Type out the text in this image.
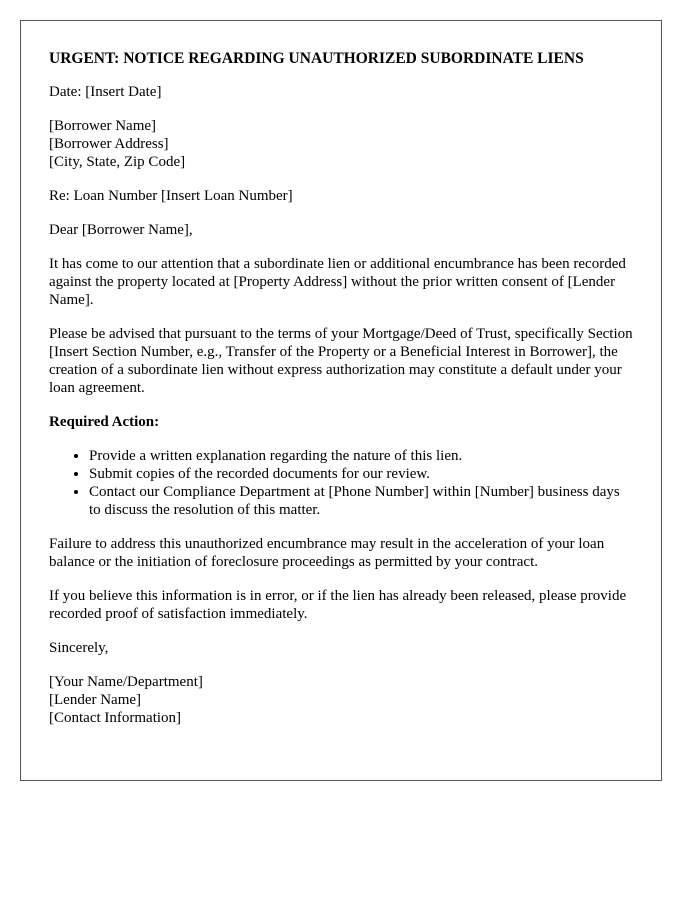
URGENT: NOTICE REGARDING UNAUTHORIZED SUBORDINATE LIENS

Date: [Insert Date]

[Borrower Name]
[Borrower Address]
[City, State, Zip Code]

Re: Loan Number [Insert Loan Number]

Dear [Borrower Name],

It has come to our attention that a subordinate lien or additional encumbrance has been recorded against the property located at [Property Address] without the prior written consent of [Lender Name].

Please be advised that pursuant to the terms of your Mortgage/Deed of Trust, specifically Section [Insert Section Number, e.g., Transfer of the Property or a Beneficial Interest in Borrower], the creation of a subordinate lien without express authorization may constitute a default under your loan agreement.

Required Action:
• Provide a written explanation regarding the nature of this lien.
• Submit copies of the recorded documents for our review.
• Contact our Compliance Department at [Phone Number] within [Number] business days to discuss the resolution of this matter.

Failure to address this unauthorized encumbrance may result in the acceleration of your loan balance or the initiation of foreclosure proceedings as permitted by your contract.

If you believe this information is in error, or if the lien has already been released, please provide recorded proof of satisfaction immediately.

Sincerely,

[Your Name/Department]
[Lender Name]
[Contact Information]
